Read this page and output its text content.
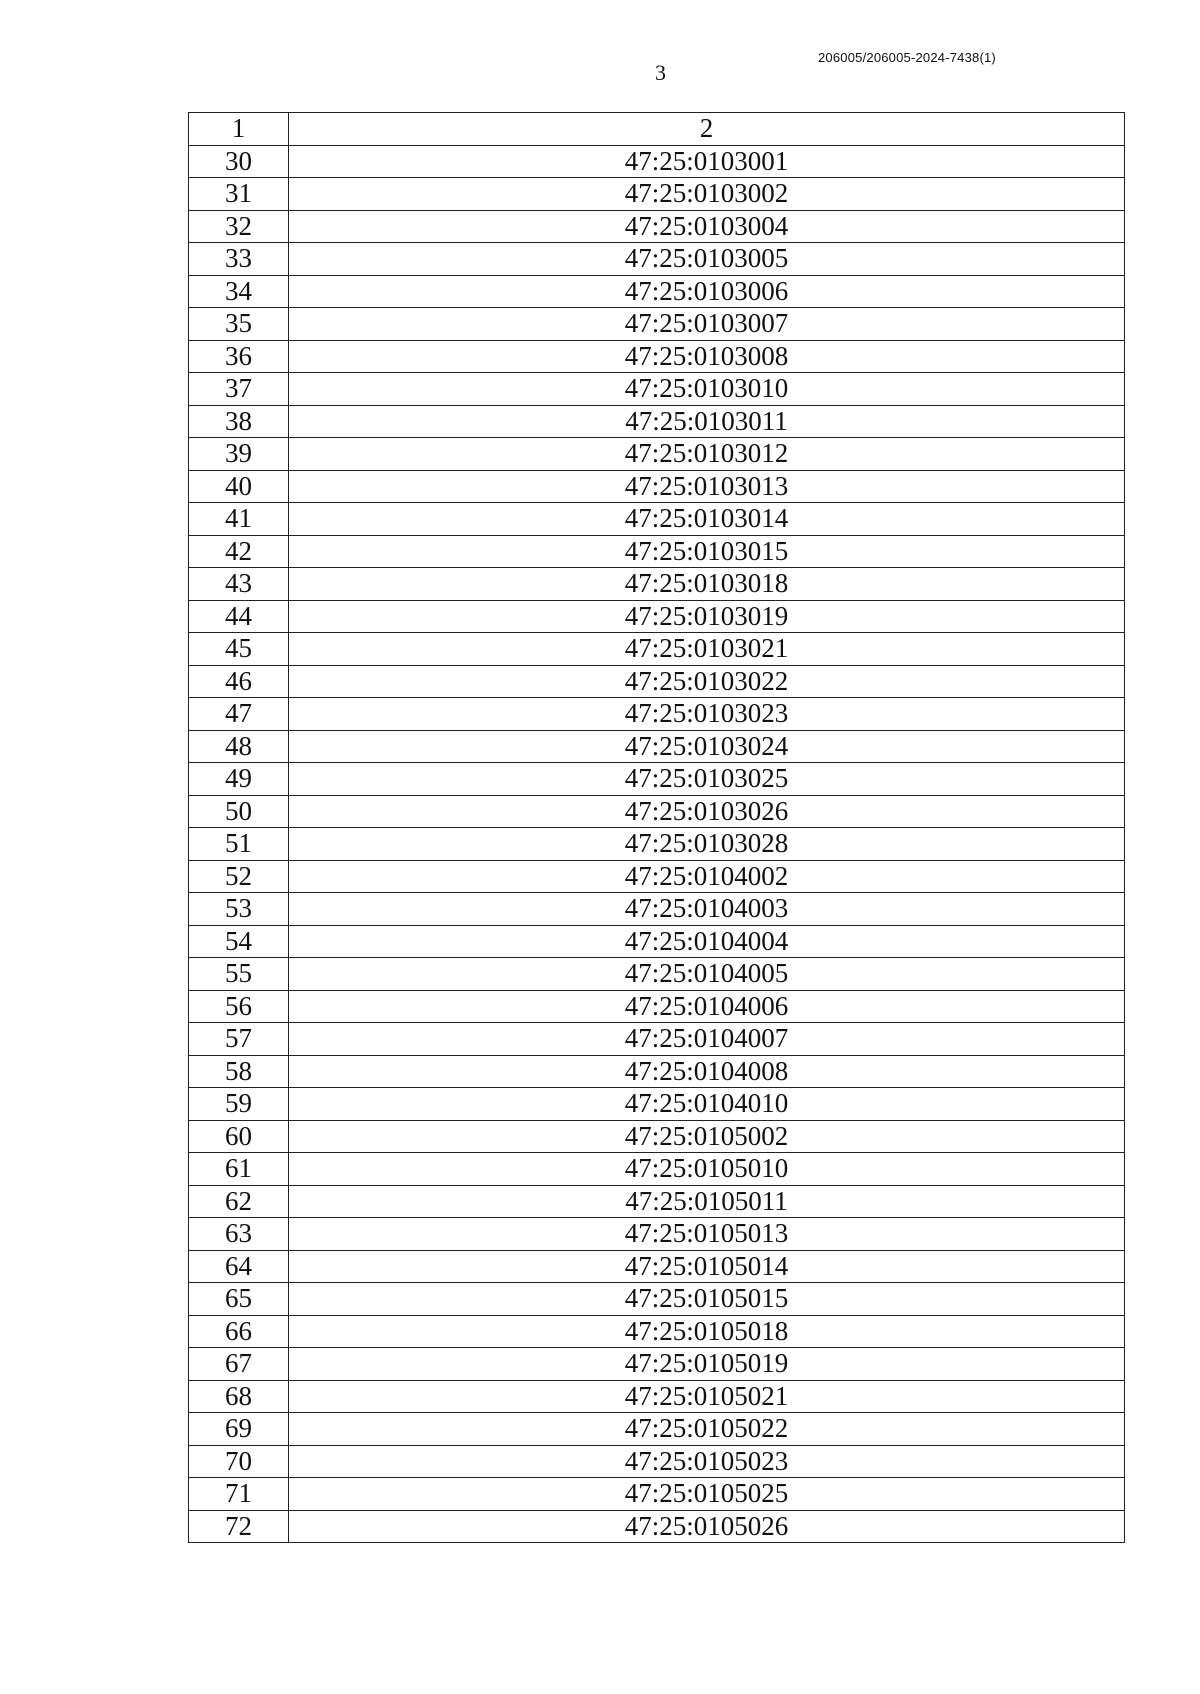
206005/206005-2024-7438(1)
3
1	2
30	47:25:0103001
31	47:25:0103002
32	47:25:0103004
33	47:25:0103005
34	47:25:0103006
35	47:25:0103007
36	47:25:0103008
37	47:25:0103010
38	47:25:0103011
39	47:25:0103012
40	47:25:0103013
41	47:25:0103014
42	47:25:0103015
43	47:25:0103018
44	47:25:0103019
45	47:25:0103021
46	47:25:0103022
47	47:25:0103023
48	47:25:0103024
49	47:25:0103025
50	47:25:0103026
51	47:25:0103028
52	47:25:0104002
53	47:25:0104003
54	47:25:0104004
55	47:25:0104005
56	47:25:0104006
57	47:25:0104007
58	47:25:0104008
59	47:25:0104010
60	47:25:0105002
61	47:25:0105010
62	47:25:0105011
63	47:25:0105013
64	47:25:0105014
65	47:25:0105015
66	47:25:0105018
67	47:25:0105019
68	47:25:0105021
69	47:25:0105022
70	47:25:0105023
71	47:25:0105025
72	47:25:0105026
